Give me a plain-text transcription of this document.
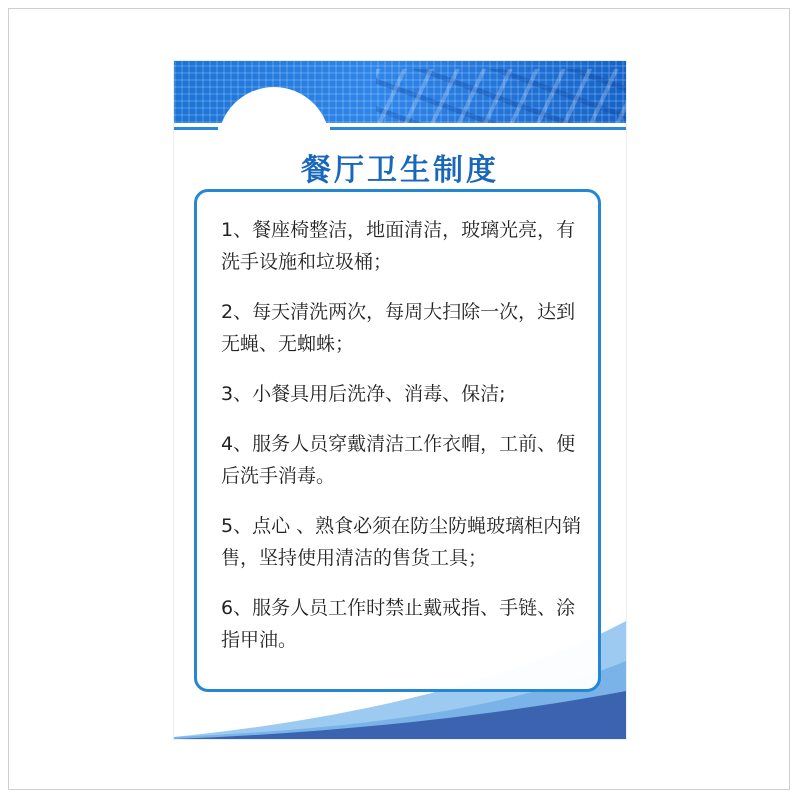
餐厅卫生制度

1、餐座椅整洁，地面清洁，玻璃光亮，有洗手设施和垃圾桶；

2、每天清洗两次，每周大扫除一次，达到无蝇、无蜘蛛；

3、小餐具用后洗净、消毒、保洁;

4、服务人员穿戴清洁工作衣帽，工前、便后洗手消毒。

5、点心 、熟食必须在防尘防蝇玻璃柜内销售，坚持使用清洁的售货工具；

6、服务人员工作时禁止戴戒指、手链、涂指甲油。
